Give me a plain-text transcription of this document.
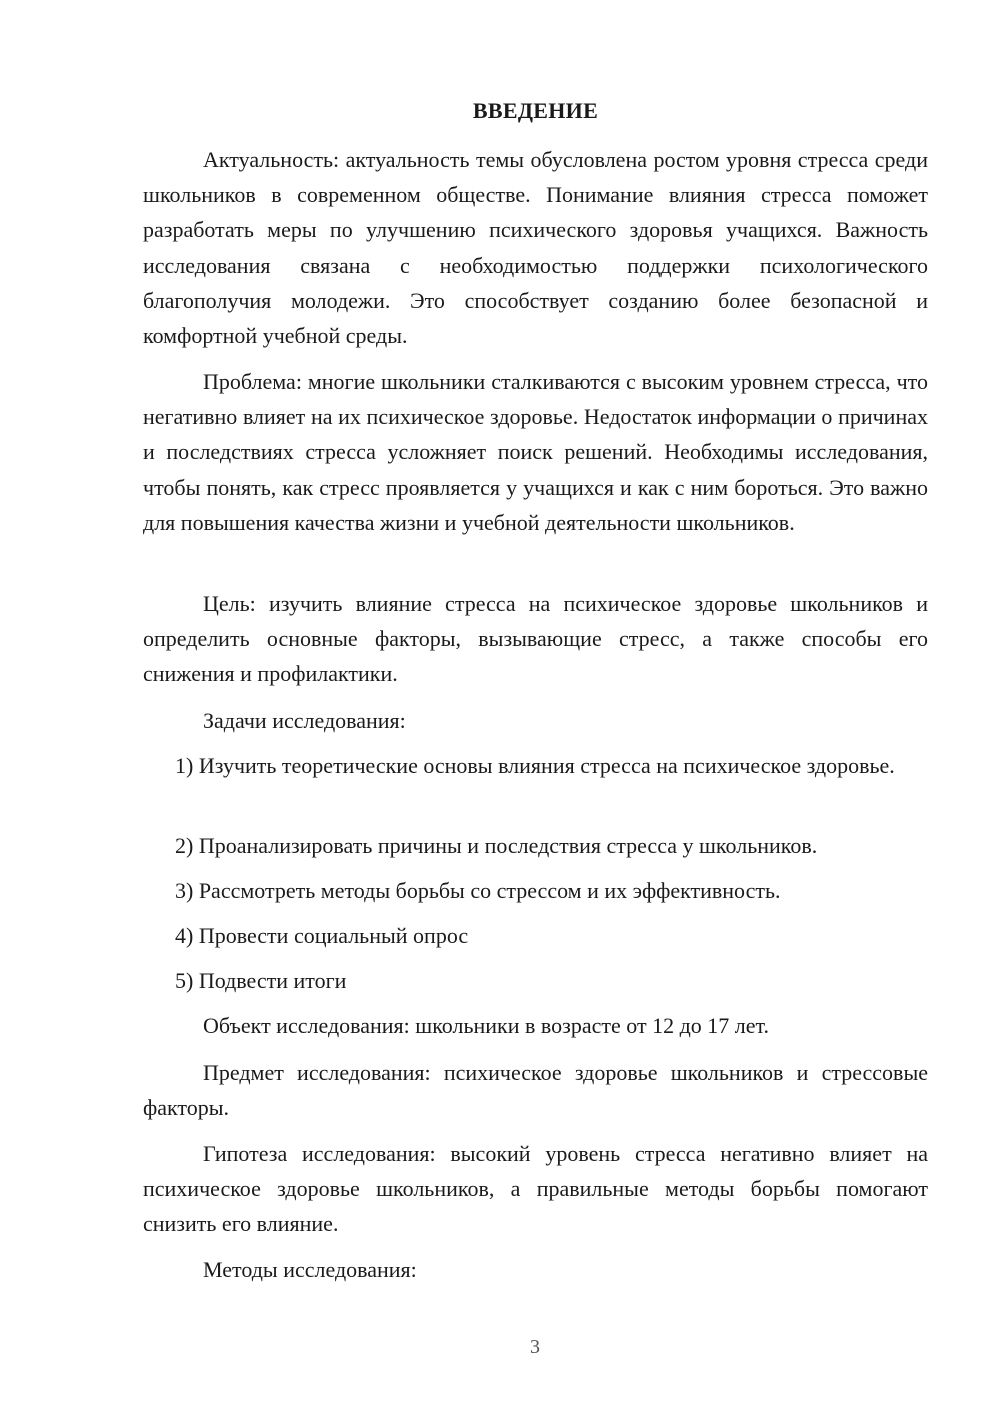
ВВЕДЕНИЕ

Актуальность: актуальность темы обусловлена ростом уровня стресса среди школьников в современном обществе. Понимание влияния стресса поможет разработать меры по улучшению психического здоровья учащихся. Важность исследования связана с необходимостью поддержки психологического благополучия молодежи. Это способствует созданию более безопасной и комфортной учебной среды.

Проблема: многие школьники сталкиваются с высоким уровнем стресса, что негативно влияет на их психическое здоровье. Недостаток информации о причинах и последствиях стресса усложняет поиск решений. Необходимы исследования, чтобы понять, как стресс проявляется у учащихся и как с ним бороться. Это важно для повышения качества жизни и учебной деятельности школьников.

Цель: изучить влияние стресса на психическое здоровье школьников и определить основные факторы, вызывающие стресс, а также способы его снижения и профилактики.

Задачи исследования:

1) Изучить теоретические основы влияния стресса на психическое здоровье.

2) Проанализировать причины и последствия стресса у школьников.

3) Рассмотреть методы борьбы со стрессом и их эффективность.

4) Провести социальный опрос

5) Подвести итоги

Объект исследования: школьники в возрасте от 12 до 17 лет.

Предмет исследования: психическое здоровье школьников и стрессовые факторы.

Гипотеза исследования: высокий уровень стресса негативно влияет на психическое здоровье школьников, а правильные методы борьбы помогают снизить его влияние.

Методы исследования:

3
